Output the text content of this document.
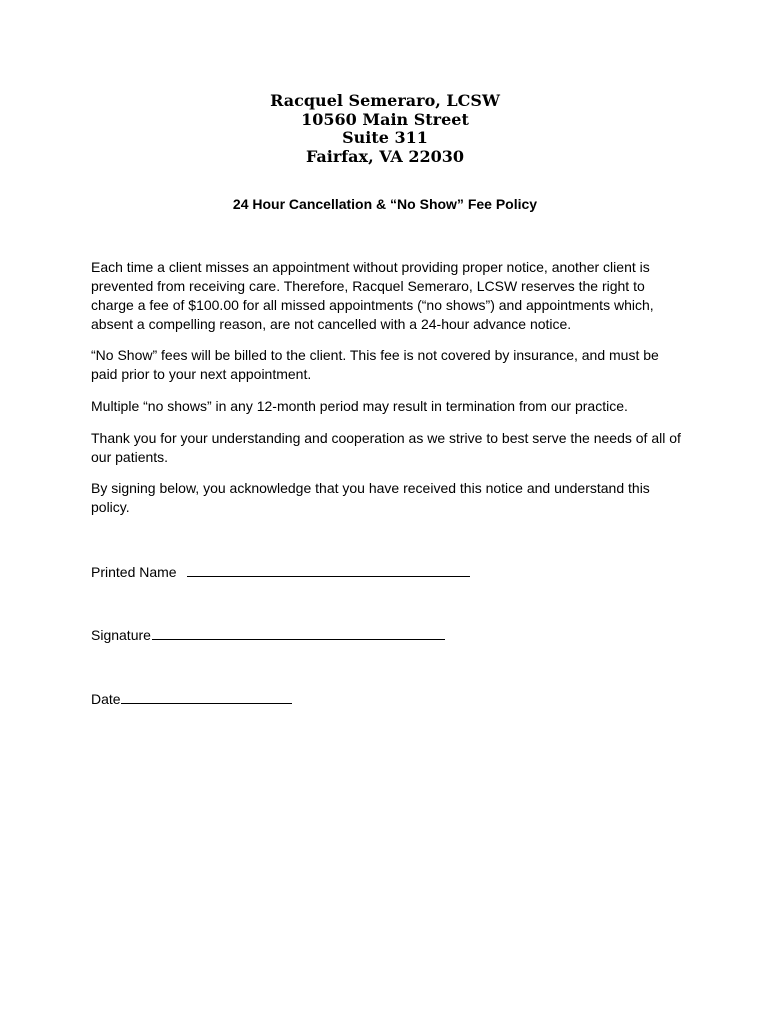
Racquel Semeraro, LCSW
10560 Main Street
Suite 311
Fairfax, VA 22030
24 Hour Cancellation & “No Show” Fee Policy

Each time a client misses an appointment without providing proper notice, another client is prevented from receiving care. Therefore, Racquel Semeraro, LCSW reserves the right to charge a fee of $100.00 for all missed appointments (“no shows”) and appointments which, absent a compelling reason, are not cancelled with a 24-hour advance notice.

“No Show” fees will be billed to the client. This fee is not covered by insurance, and must be paid prior to your next appointment.

Multiple “no shows” in any 12-month period may result in termination from our practice.

Thank you for your understanding and cooperation as we strive to best serve the needs of all of our patients.

By signing below, you acknowledge that you have received this notice and understand this policy.

Printed Name
Signature
Date
